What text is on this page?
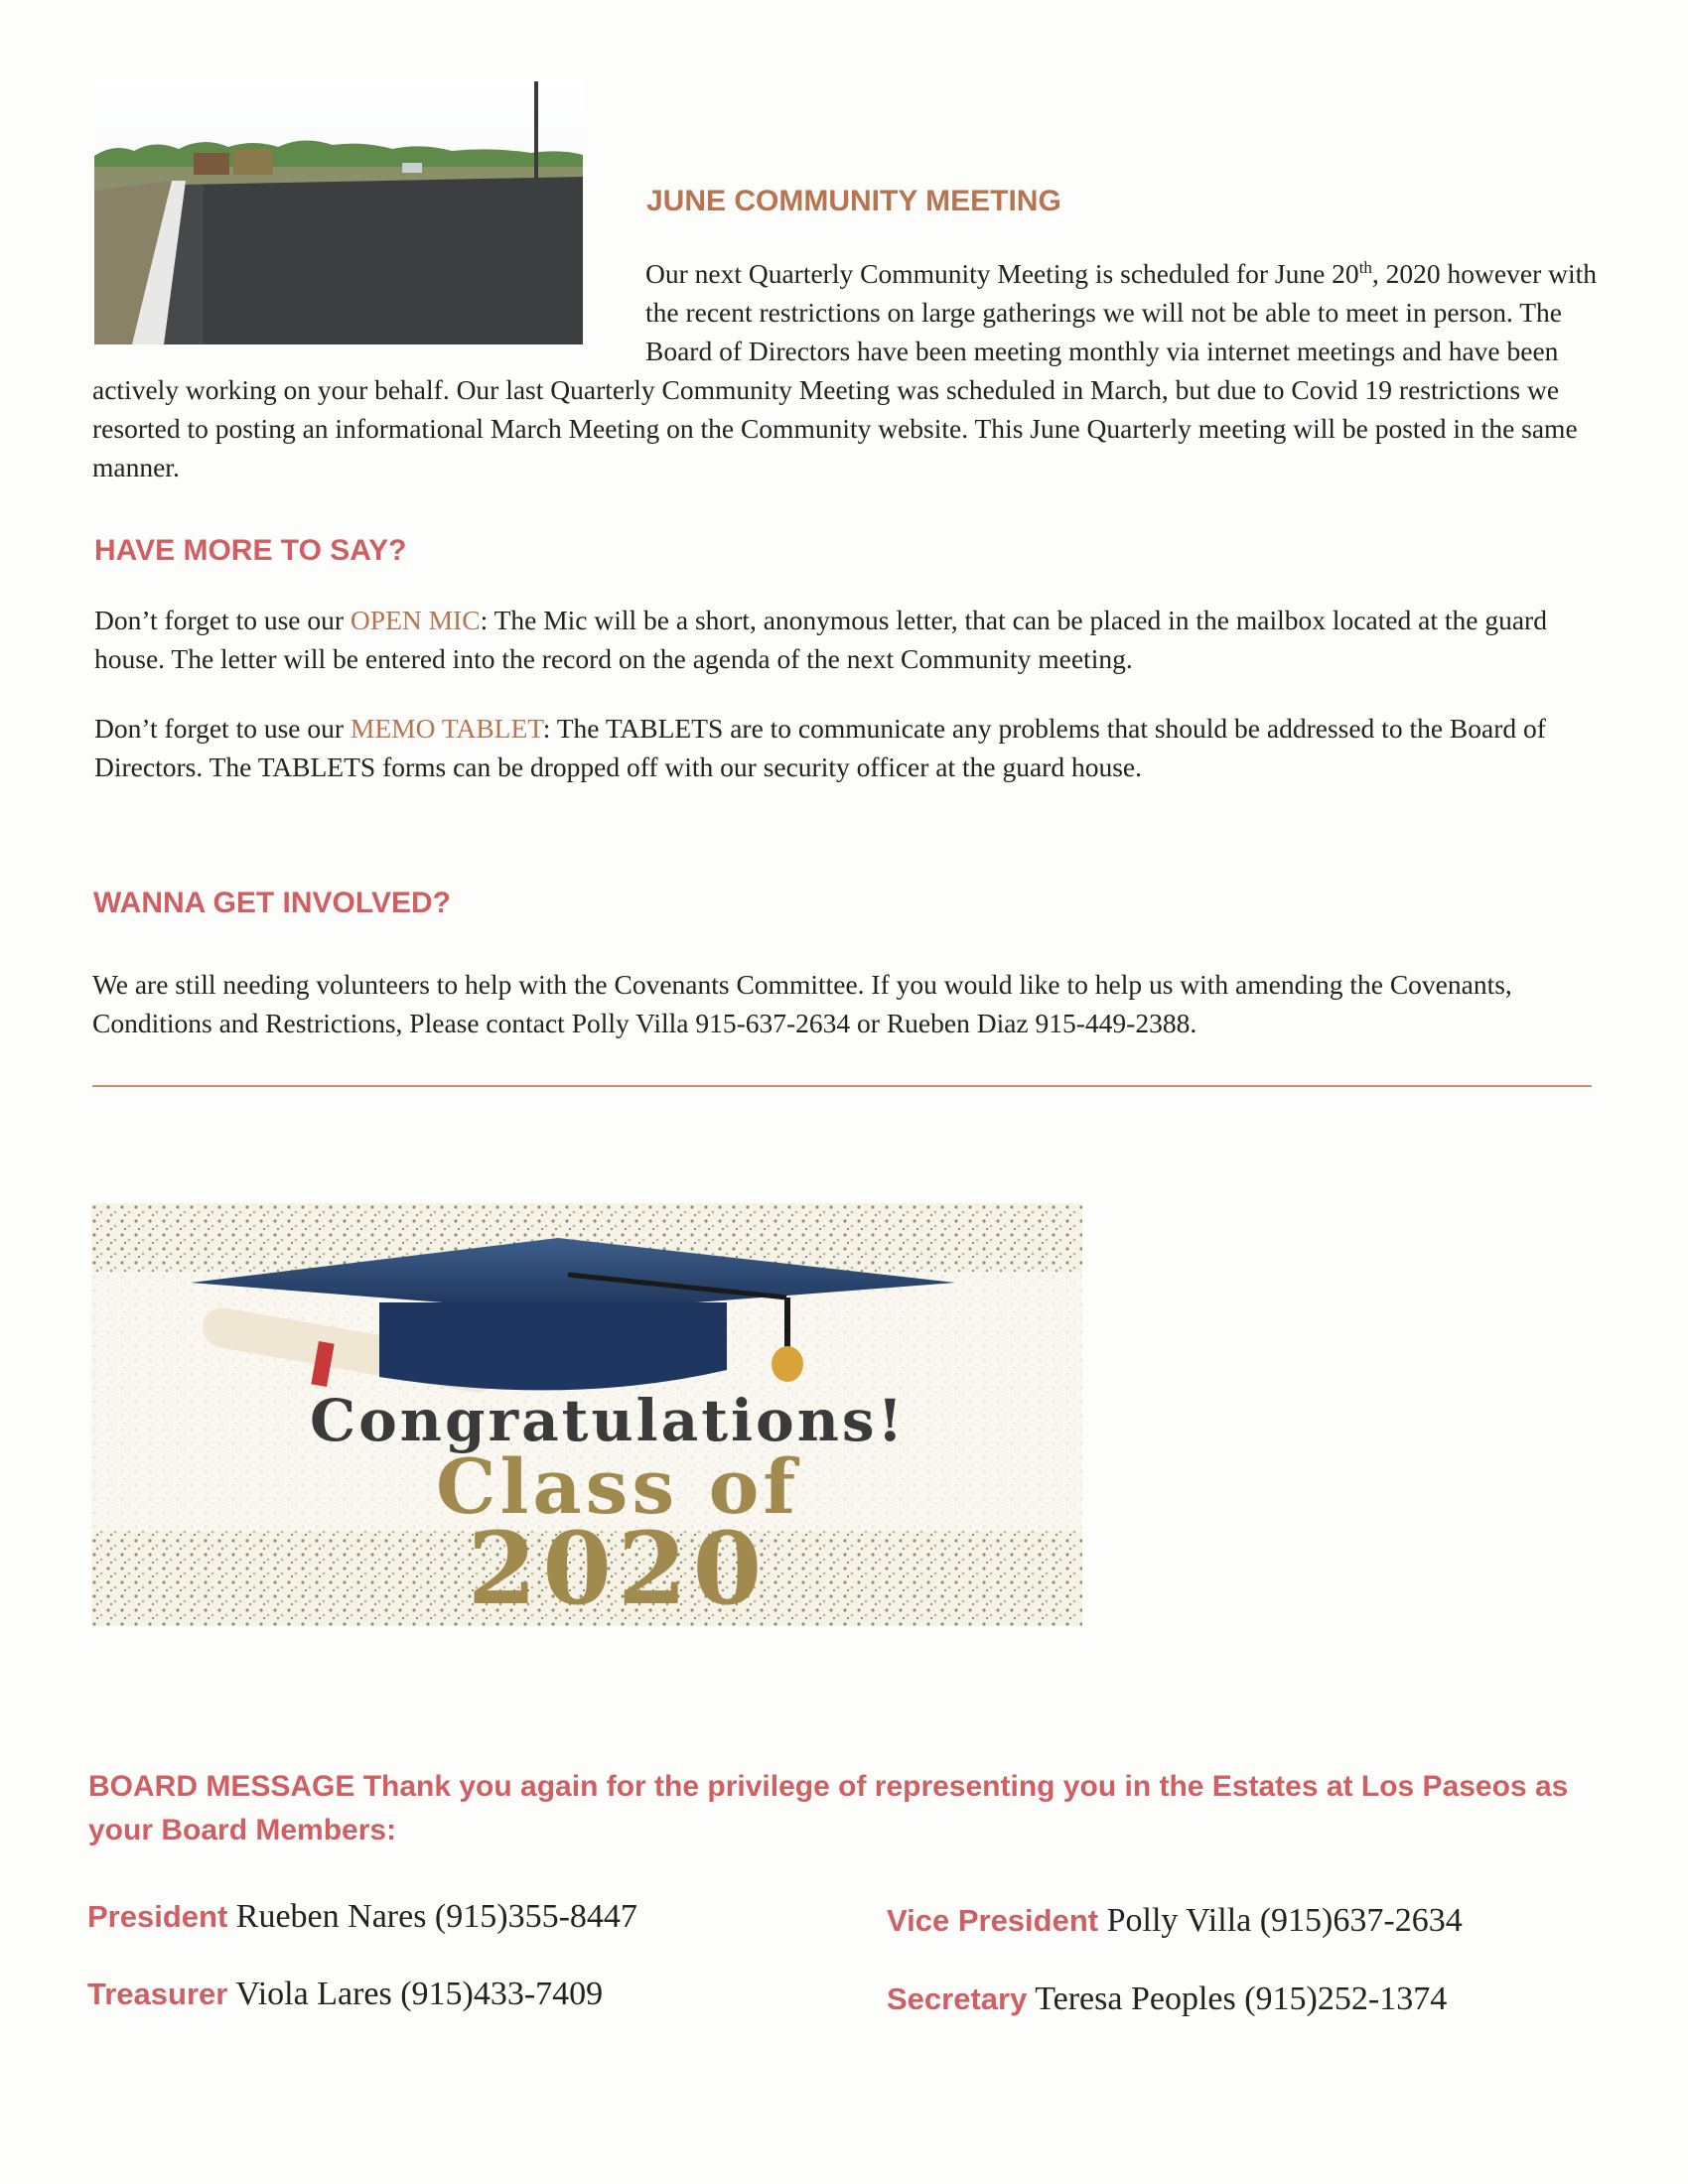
JUNE COMMUNITY MEETING
Our next Quarterly Community Meeting is scheduled for June 20th, 2020 however with the recent restrictions on large gatherings we will not be able to meet in person. The Board of Directors have been meeting monthly via internet meetings and have been actively working on your behalf. Our last Quarterly Community Meeting was scheduled in March, but due to Covid 19 restrictions we resorted to posting an informational March Meeting on the Community website. This June Quarterly meeting will be posted in the same manner.
HAVE MORE TO SAY?

Don’t forget to use our OPEN MIC: The Mic will be a short, anonymous letter, that can be placed in the mailbox located at the guard house. The letter will be entered into the record on the agenda of the next Community meeting.

Don’t forget to use our MEMO TABLET: The TABLETS are to communicate any problems that should be addressed to the Board of Directors. The TABLETS forms can be dropped off with our security officer at the guard house.

WANNA GET INVOLVED?

We are still needing volunteers to help with the Covenants Committee. If you would like to help us with amending the Covenants, Conditions and Restrictions, Please contact Polly Villa 915-637-2634 or Rueben Diaz 915-449-2388.

Congratulations!
Class of
2020

BOARD MESSAGE Thank you again for the privilege of representing you in the Estates at Los Paseos as your Board Members:

President Rueben Nares (915)355-8447	Vice President Polly Villa (915)637-2634

Treasurer Viola Lares (915)433-7409	Secretary Teresa Peoples (915)252-1374
